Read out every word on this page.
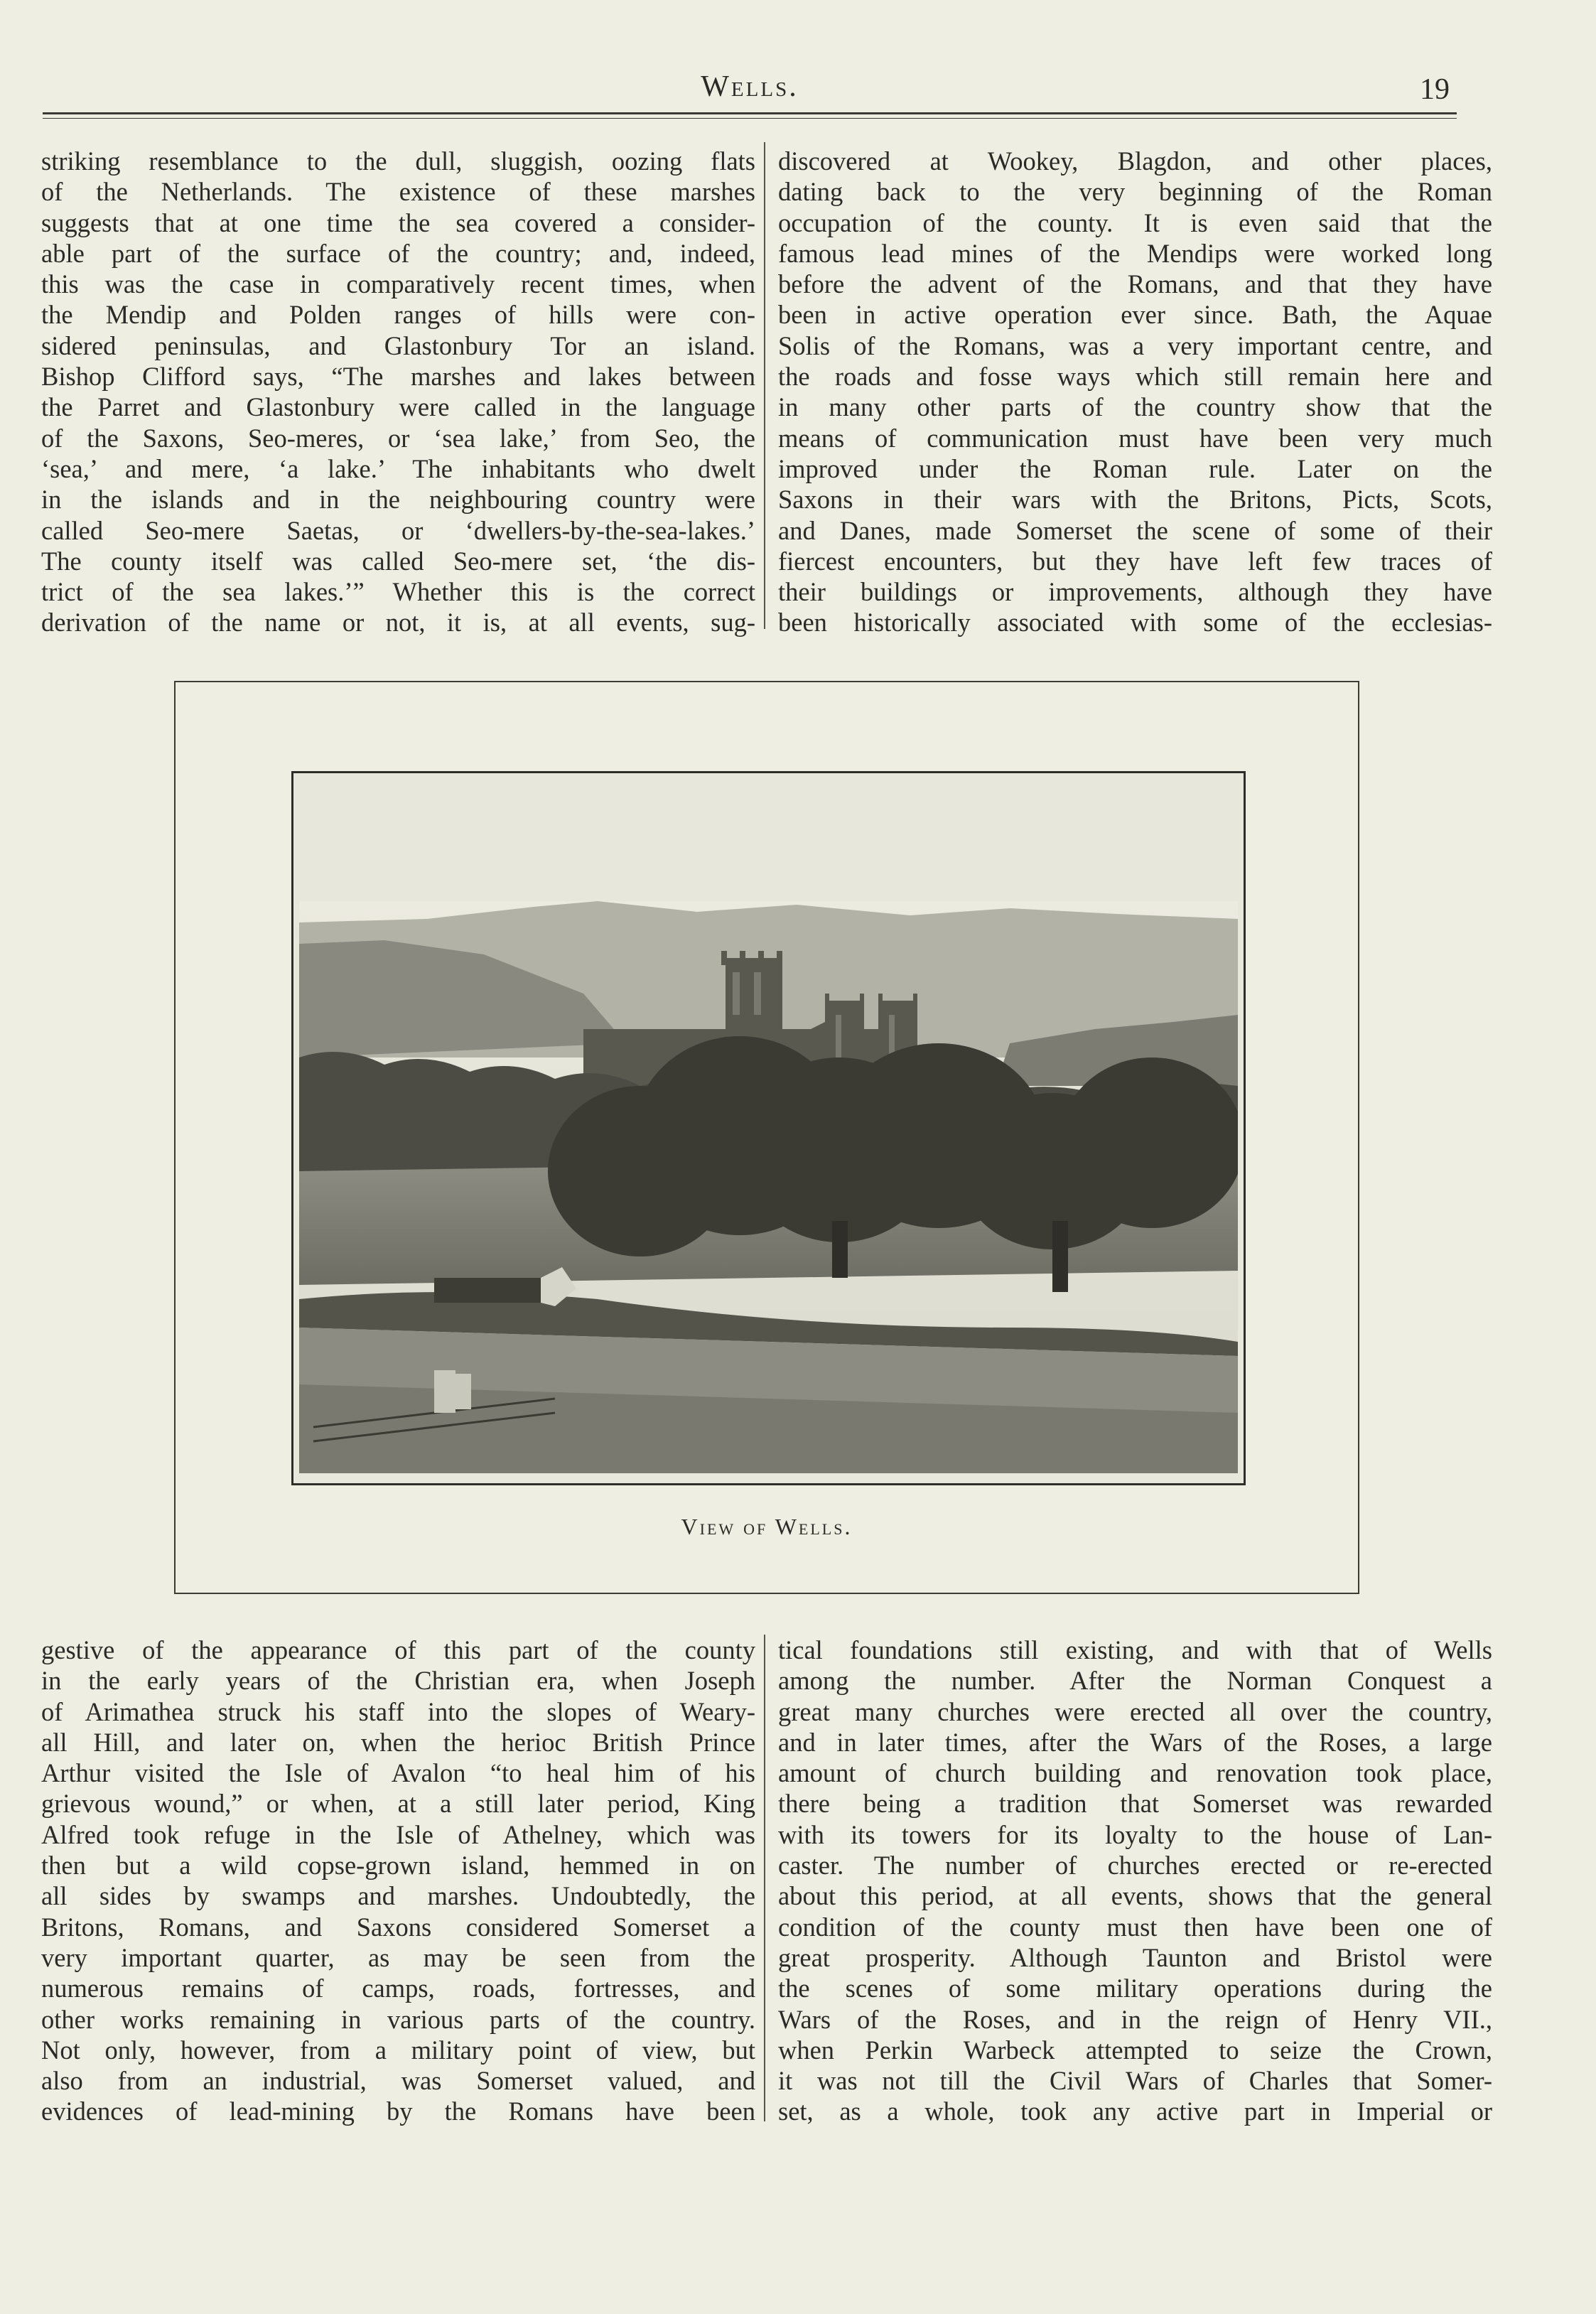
Wells.	19
striking resemblance to the dull, sluggish, oozing flats
of the Netherlands. The existence of these marshes
suggests that at one time the sea covered a consider-
able part of the surface of the country; and, indeed,
this was the case in comparatively recent times, when
the Mendip and Polden ranges of hills were con-
sidered peninsulas, and Glastonbury Tor an island.
Bishop Clifford says, “The marshes and lakes between
the Parret and Glastonbury were called in the language
of the Saxons, Seo-meres, or ‘sea lake,’ from Seo, the
‘sea,’ and mere, ‘a lake.’ The inhabitants who dwelt
in the islands and in the neighbouring country were
called Seo-mere Saetas, or ‘dwellers-by-the-sea-lakes.’
The county itself was called Seo-mere set, ‘the dis-
trict of the sea lakes.’” Whether this is the correct
derivation of the name or not, it is, at all events, sug-
discovered at Wookey, Blagdon, and other places,
dating back to the very beginning of the Roman
occupation of the county. It is even said that the
famous lead mines of the Mendips were worked long
before the advent of the Romans, and that they have
been in active operation ever since. Bath, the Aquae
Solis of the Romans, was a very important centre, and
the roads and fosse ways which still remain here and
in many other parts of the country show that the
means of communication must have been very much
improved under the Roman rule. Later on the
Saxons in their wars with the Britons, Picts, Scots,
and Danes, made Somerset the scene of some of their
fiercest encounters, but they have left few traces of
their buildings or improvements, although they have
been historically associated with some of the ecclesias-
View of Wells.
gestive of the appearance of this part of the county
in the early years of the Christian era, when Joseph
of Arimathea struck his staff into the slopes of Weary-
all Hill, and later on, when the herioc British Prince
Arthur visited the Isle of Avalon “to heal him of his
grievous wound,” or when, at a still later period, King
Alfred took refuge in the Isle of Athelney, which was
then but a wild copse-grown island, hemmed in on
all sides by swamps and marshes. Undoubtedly, the
Britons, Romans, and Saxons considered Somerset a
very important quarter, as may be seen from the
numerous remains of camps, roads, fortresses, and
other works remaining in various parts of the country.
Not only, however, from a military point of view, but
also from an industrial, was Somerset valued, and
evidences of lead-mining by the Romans have been
tical foundations still existing, and with that of Wells
among the number. After the Norman Conquest a
great many churches were erected all over the country,
and in later times, after the Wars of the Roses, a large
amount of church building and renovation took place,
there being a tradition that Somerset was rewarded
with its towers for its loyalty to the house of Lan-
caster. The number of churches erected or re-erected
about this period, at all events, shows that the general
condition of the county must then have been one of
great prosperity. Although Taunton and Bristol were
the scenes of some military operations during the
Wars of the Roses, and in the reign of Henry VII.,
when Perkin Warbeck attempted to seize the Crown,
it was not till the Civil Wars of Charles that Somer-
set, as a whole, took any active part in Imperial or
